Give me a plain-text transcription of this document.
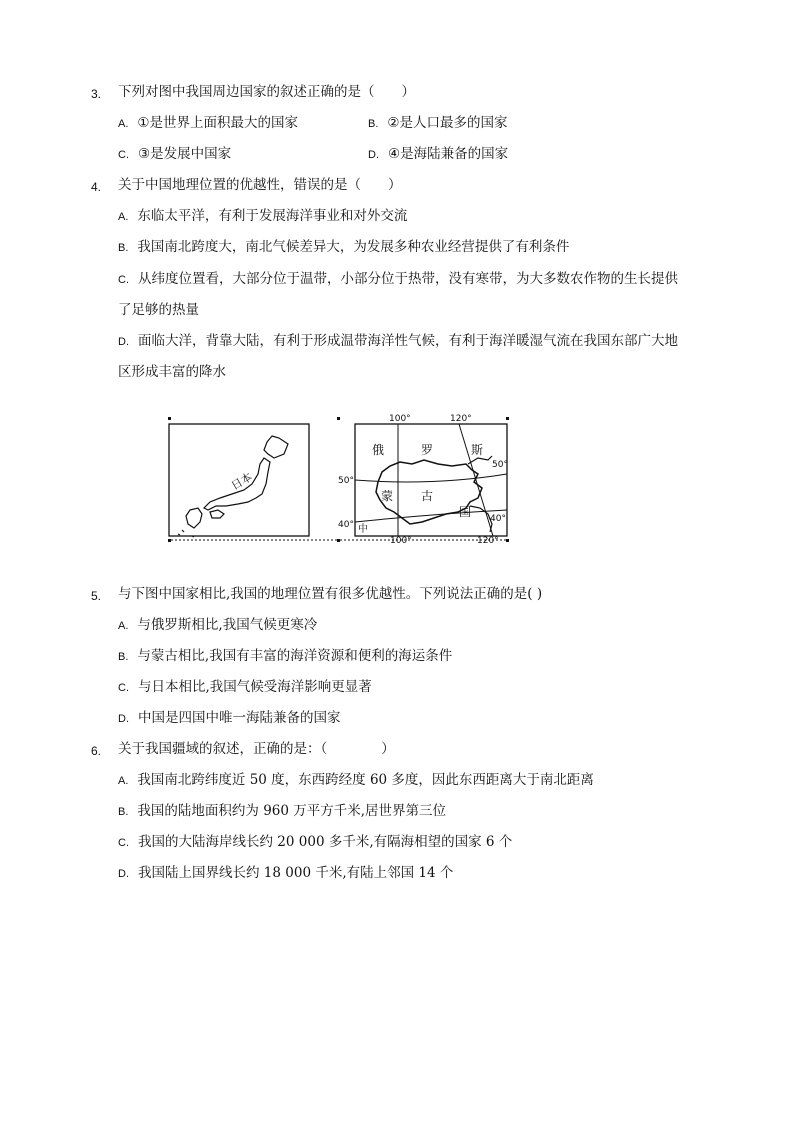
3. 下列对图中我国周边国家的叙述正确的是（　　）
A. ①是世界上面积最大的国家	B. ②是人口最多的国家
C. ③是发展中国家	D. ④是海陆兼备的国家
4. 关于中国地理位置的优越性，错误的是（　　）
A. 东临太平洋，有利于发展海洋事业和对外交流
B. 我国南北跨度大，南北气候差异大，为发展多种农业经营提供了有利条件
C. 从纬度位置看，大部分位于温带，小部分位于热带，没有寒带，为大多数农作物的生长提供
了足够的热量
D. 面临大洋，背靠大陆，有利于形成温带海洋性气候，有利于海洋暖湿气流在我国东部广大地
区形成丰富的降水
日本
100°	120°
100°	120°
50°
50°
40°
40°
俄	罗	斯
蒙 古
国
中
5. 与下图中国家相比,我国的地理位置有很多优越性。下列说法正确的是( )
A. 与俄罗斯相比,我国气候更寒冷
B. 与蒙古相比,我国有丰富的海洋资源和便利的海运条件
C. 与日本相比,我国气候受海洋影响更显著
D. 中国是四国中唯一海陆兼备的国家
6. 关于我国疆域的叙述，正确的是：（　　　　）
A. 我国南北跨纬度近 50 度，东西跨经度 60 多度，因此东西距离大于南北距离
B. 我国的陆地面积约为 960 万平方千米,居世界第三位
C. 我国的大陆海岸线长约 20 000 多千米,有隔海相望的国家 6 个
D. 我国陆上国界线长约 18 000 千米,有陆上邻国 14 个
